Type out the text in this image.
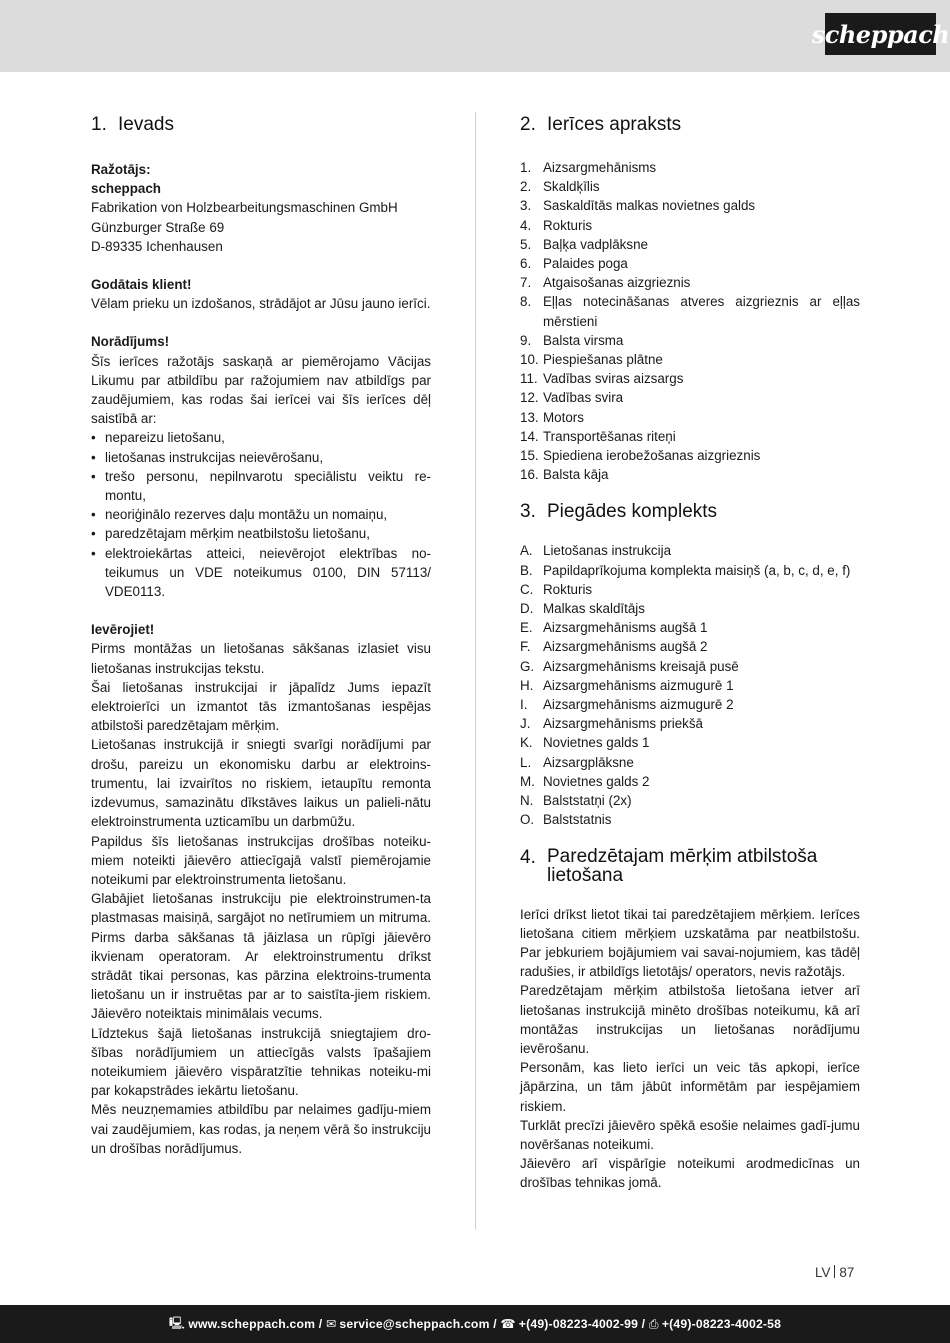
scheppach
1. Ievads

Ražotājs:

scheppach

Fabrikation von Holzbearbeitungsmaschinen GmbH

Günzburger Straße 69

D-89335 Ichenhausen

Godātais klient!

Vēlam prieku un izdošanos, strādājot ar Jūsu jauno ierīci.

Norādījums!

Šīs ierīces ražotājs saskaņā ar piemērojamo Vācijas Likumu par atbildību par ražojumiem nav atbildīgs par zaudējumiem, kas rodas šai ierīcei vai šīs ierīces dēļ saistībā ar:

• nepareizu lietošanu,
• lietošanas instrukcijas neievērošanu,
• trešo personu, nepilnvarotu speciālistu veiktu re-montu,
• neoriģinālo rezerves daļu montāžu un nomaiņu,
• paredzētajam mērķim neatbilstošu lietošanu,
• elektroiekārtas atteici, neievērojot elektrības no-teikumus un VDE noteikumus 0100, DIN 57113/ VDE0113.

Ievērojiet!

Pirms montāžas un lietošanas sākšanas izlasiet visu lietošanas instrukcijas tekstu.

Šai lietošanas instrukcijai ir jāpalīdz Jums iepazīt elektroierīci un izmantot tās izmantošanas iespējas atbilstoši paredzētajam mērķim.

Lietošanas instrukcijā ir sniegti svarīgi norādījumi par drošu, pareizu un ekonomisku darbu ar elektroins-trumentu, lai izvairītos no riskiem, ietaupītu remonta izdevumus, samazinātu dīkstāves laikus un palieli-nātu elektroinstrumenta uzticamību un darbmūžu.

Papildus šīs lietošanas instrukcijas drošības noteiku-miem noteikti jāievēro attiecīgajā valstī piemērojamie noteikumi par elektroinstrumenta lietošanu.

Glabājiet lietošanas instrukciju pie elektroinstrumen-ta plastmasas maisiņā, sargājot no netīrumiem un mitruma. Pirms darba sākšanas tā jāizlasa un rūpīgi jāievēro ikvienam operatoram. Ar elektroinstrumentu drīkst strādāt tikai personas, kas pārzina elektroins-trumenta lietošanu un ir instruētas par ar to saistīta-jiem riskiem. Jāievēro noteiktais minimālais vecums.

Līdztekus šajā lietošanas instrukcijā sniegtajiem dro-šības norādījumiem un attiecīgās valsts īpašajiem noteikumiem jāievēro vispāratzītie tehnikas noteiku-mi par kokapstrādes iekārtu lietošanu.

Mēs neuzņemamies atbildību par nelaimes gadīju-miem vai zaudējumiem, kas rodas, ja neņem vērā šo instrukciju un drošības norādījumus.

2. Ierīces apraksts
1. Aizsargmehānisms
2. Skaldķīlis
3. Saskaldītās malkas novietnes galds
4. Rokturis
5. Baļķa vadplāksne
6. Palaides poga
7. Atgaisošanas aizgrieznis
8. Eļļas notecināšanas atveres aizgrieznis ar eļļas mērstieni
9. Balsta virsma
10. Piespiešanas plātne
11. Vadības sviras aizsargs
12. Vadības svira
13. Motors
14. Transportēšanas riteņi
15. Spiediena ierobežošanas aizgrieznis
16. Balsta kāja
3. Piegādes komplekts
A. Lietošanas instrukcija
B. Papildaprīkojuma komplekta maisiņš (a, b, c, d, e, f)
C. Rokturis
D. Malkas skaldītājs
E. Aizsargmehānisms augšā 1
F. Aizsargmehānisms augšā 2
G. Aizsargmehānisms kreisajā pusē
H. Aizsargmehānisms aizmugurē 1
I.	Aizsargmehānisms aizmugurē 2
J. Aizsargmehānisms priekšā
K. Novietnes galds 1
L. Aizsargplāksne
M. Novietnes galds 2
N. Balststatņi (2x)
O. Balststatnis
4. Paredzētajam mērķim atbilstoša lietošana

Ierīci drīkst lietot tikai tai paredzētajiem mērķiem. Ierīces lietošana citiem mērķiem uzskatāma par neatbilstošu. Par jebkuriem bojājumiem vai savai-nojumiem, kas tādēļ radušies, ir atbildīgs lietotājs/ operators, nevis ražotājs.

Paredzētajam mērķim atbilstoša lietošana ietver arī lietošanas instrukcijā minēto drošības noteikumu, kā arī montāžas instrukcijas un lietošanas norādījumu ievērošanu.

Personām, kas lieto ierīci un veic tās apkopi, ierīce jāpārzina, un tām jābūt informētām par iespējamiem riskiem.

Turklāt precīzi jāievēro spēkā esošie nelaimes gadī-jumu novēršanas noteikumi.

Jāievēro arī vispārīgie noteikumi arodmedicīnas un drošības tehnikas jomā.

LV 87
🖳 www.scheppach.com / ✉ service@scheppach.com / ☎ +(49)-08223-4002-99 / ⎙ +(49)-08223-4002-58
